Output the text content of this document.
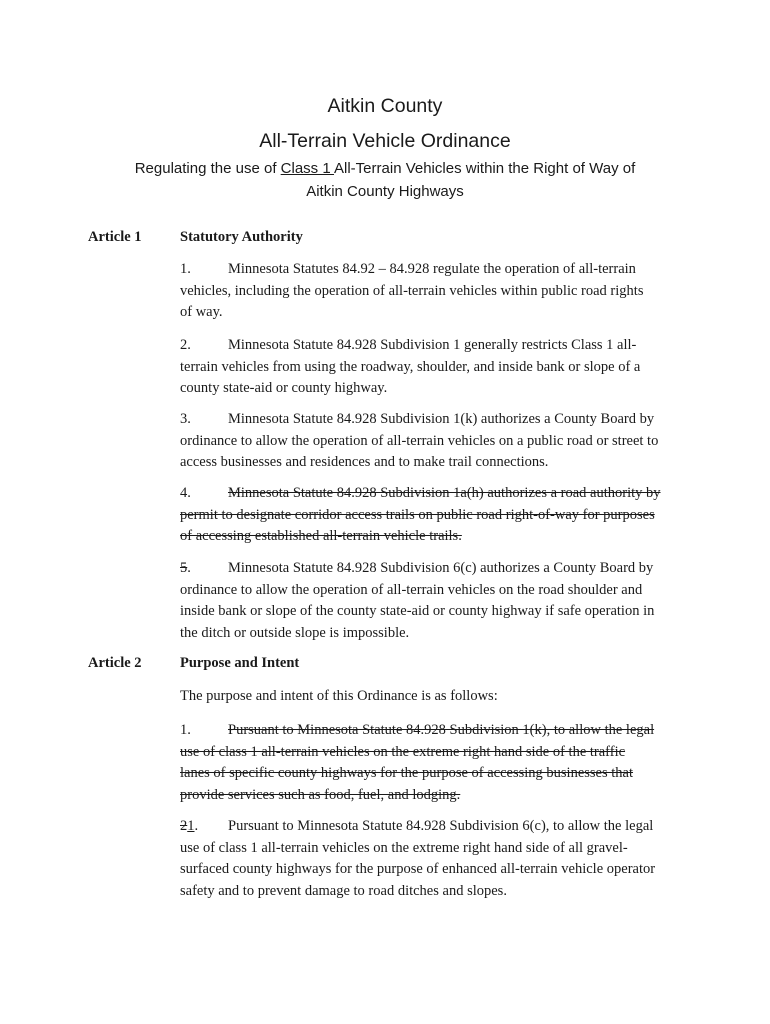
Aitkin County
All-Terrain Vehicle Ordinance
Regulating the use of Class 1 All-Terrain Vehicles within the Right of Way of
Aitkin County Highways
Article 1	Statutory Authority
1.	Minnesota Statutes 84.92 – 84.928 regulate the operation of all-terrain
vehicles, including the operation of all-terrain vehicles within public road rights
of way.
2.	Minnesota Statute 84.928 Subdivision 1 generally restricts Class 1 all-
terrain vehicles from using the roadway, shoulder, and inside bank or slope of a
county state-aid or county highway.
3.	Minnesota Statute 84.928 Subdivision 1(k) authorizes a County Board by
ordinance to allow the operation of all-terrain vehicles on a public road or street to
access businesses and residences and to make trail connections.
4.	Minnesota Statute 84.928 Subdivision 1a(h) authorizes a road authority by
permit to designate corridor access trails on public road right-of-way for purposes
of accessing established all-terrain vehicle trails.
5.	Minnesota Statute 84.928 Subdivision 6(c) authorizes a County Board by
ordinance to allow the operation of all-terrain vehicles on the road shoulder and
inside bank or slope of the county state-aid or county highway if safe operation in
the ditch or outside slope is impossible.
Article 2	Purpose and Intent
The purpose and intent of this Ordinance is as follows:
1.	Pursuant to Minnesota Statute 84.928 Subdivision 1(k), to allow the legal
use of class 1 all-terrain vehicles on the extreme right hand side of the traffic
lanes of specific county highways for the purpose of accessing businesses that
provide services such as food, fuel, and lodging.
21. Pursuant to Minnesota Statute 84.928 Subdivision 6(c), to allow the legal
use of class 1 all-terrain vehicles on the extreme right hand side of all gravel-
surfaced county highways for the purpose of enhanced all-terrain vehicle operator
safety and to prevent damage to road ditches and slopes.
